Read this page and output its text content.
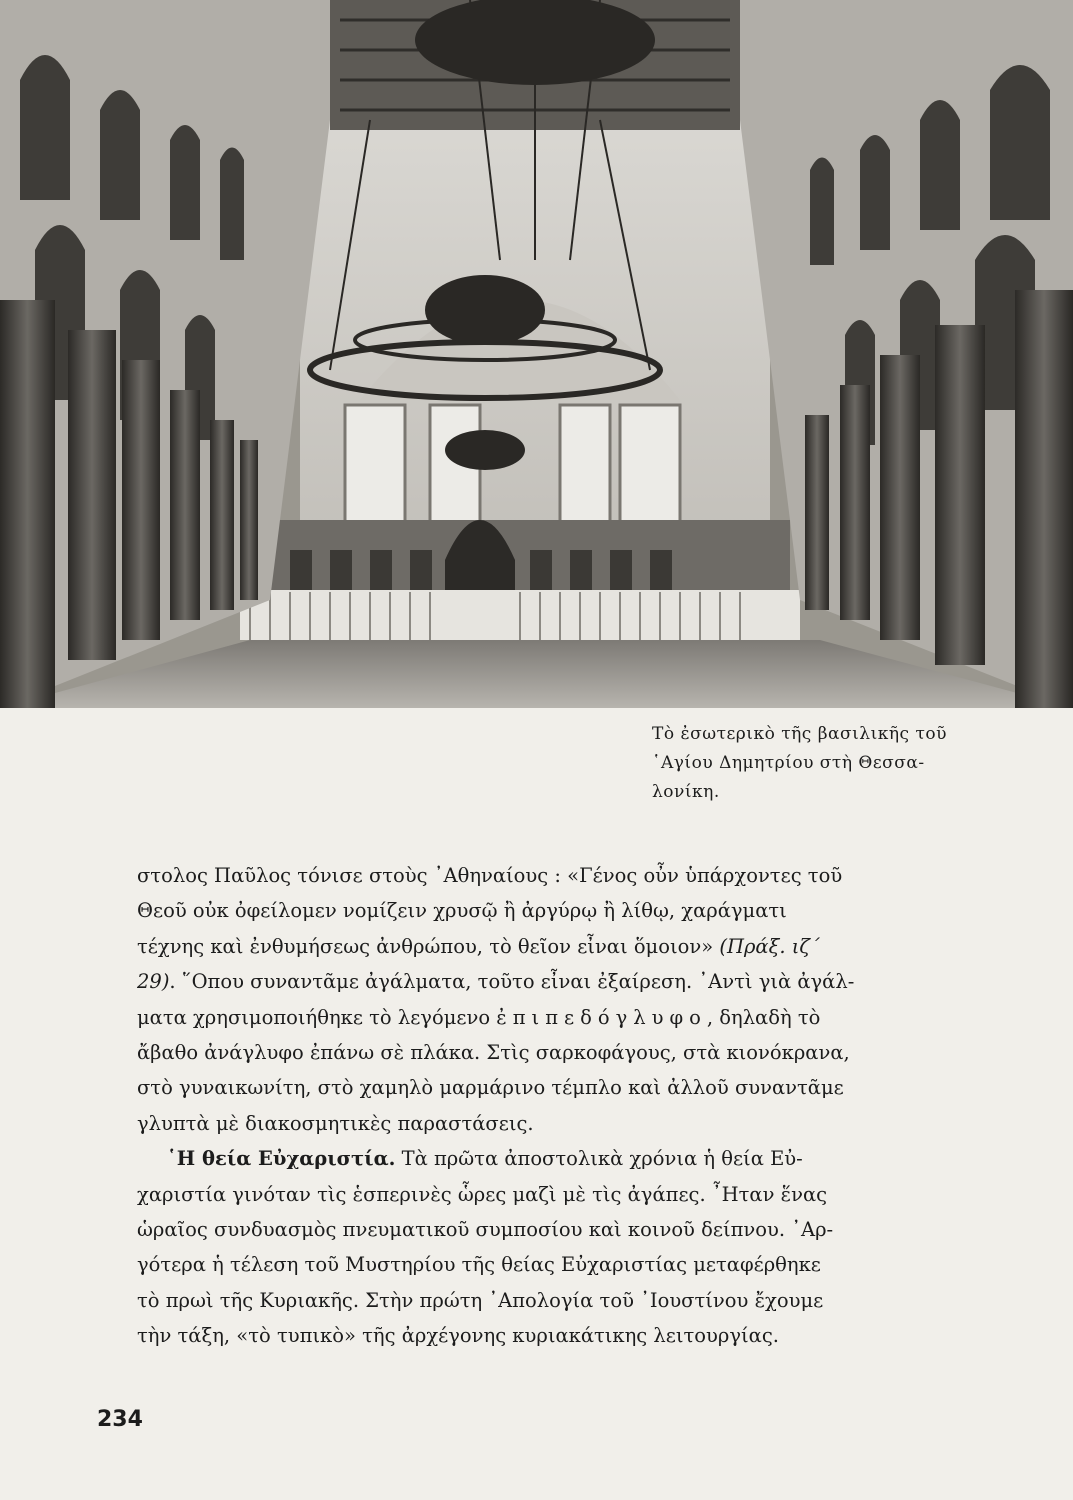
Τὸ ἐσωτερικὸ τῆς βασιλικῆς τοῦ
῾Αγίου Δημητρίου στὴ Θεσσα-
λονίκη.
στολος Παῦλος τόνισε στοὺς ᾽Αθηναίους : «Γένος οὖν ὑπάρχοντες τοῦ
Θεοῦ οὐκ ὀφείλομεν νομίζειν χρυσῷ ἢ ἀργύρῳ ἢ λίθῳ, χαράγματι
τέχνης καὶ ἐνθυμήσεως ἀνθρώπου, τὸ θεῖον εἶναι ὅμοιον» (Πράξ. ιζ´
29). ῞Οπου συναντᾶμε ἀγάλματα, τοῦτο εἶναι ἐξαίρεση. ᾽Αντὶ γιὰ ἀγάλ-
ματα χρησιμοποιήθηκε τὸ λεγόμενο ἐπιπεδόγλυφο, δηλαδὴ τὸ
ἄβαθο ἀνάγλυφο ἐπάνω σὲ πλάκα. Στὶς σαρκοφάγους, στὰ κιονόκρανα,
στὸ γυναικωνίτη, στὸ χαμηλὸ μαρμάρινο τέμπλο καὶ ἀλλοῦ συναντᾶμε
γλυπτὰ μὲ διακοσμητικὲς παραστάσεις.
῾Η θεία Εὐχαριστία. Τὰ πρῶτα ἀποστολικὰ χρόνια ἡ θεία Εὐ-
χαριστία γινόταν τὶς ἑσπερινὲς ὧρες μαζὶ μὲ τὶς ἀγάπες. ῏Ηταν ἕνας
ὡραῖος συνδυασμὸς πνευματικοῦ συμποσίου καὶ κοινοῦ δείπνου. ᾽Αρ-
γότερα ἡ τέλεση τοῦ Μυστηρίου τῆς θείας Εὐχαριστίας μεταφέρθηκε
τὸ πρωὶ τῆς Κυριακῆς. Στὴν πρώτη ᾽Απολογία τοῦ ᾽Ιουστίνου ἔχουμε
τὴν τάξη, «τὸ τυπικὸ» τῆς ἀρχέγονης κυριακάτικης λειτουργίας.
234
